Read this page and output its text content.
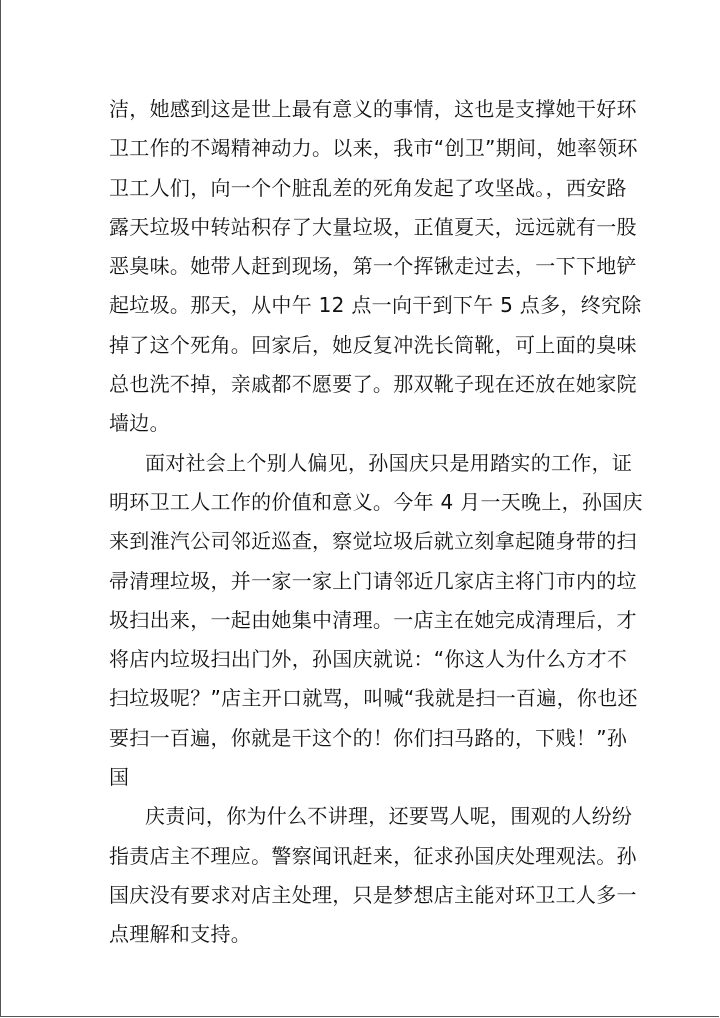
洁，她感到这是世上最有意义的事情，这也是支撑她干好环
卫工作的不竭精神动力。以来，我市“创卫”期间，她率领环
卫工人们，向一个个脏乱差的死角发起了攻坚战。，西安路
露天垃圾中转站积存了大量垃圾，正值夏天，远远就有一股
恶臭味。她带人赶到现场，第一个挥锹走过去，一下下地铲
起垃圾。那天，从中午 12 点一向干到下午 5 点多，终究除
掉了这个死角。回家后，她反复冲洗长筒靴，可上面的臭味
总也洗不掉，亲戚都不愿要了。那双靴子现在还放在她家院
墙边。

面对社会上个别人偏见，孙国庆只是用踏实的工作，证
明环卫工人工作的价值和意义。今年 4 月一天晚上，孙国庆
来到淮汽公司邻近巡查，察觉垃圾后就立刻拿起随身带的扫
帚清理垃圾，并一家一家上门请邻近几家店主将门市内的垃
圾扫出来，一起由她集中清理。一店主在她完成清理后，才
将店内垃圾扫出门外，孙国庆就说：“你这人为什么方才不
扫垃圾呢？”店主开口就骂，叫喊“我就是扫一百遍，你也还
要扫一百遍，你就是干这个的！你们扫马路的，下贱！”孙
国

庆责问，你为什么不讲理，还要骂人呢，围观的人纷纷
指责店主不理应。警察闻讯赶来，征求孙国庆处理观法。孙
国庆没有要求对店主处理，只是梦想店主能对环卫工人多一
点理解和支持。
